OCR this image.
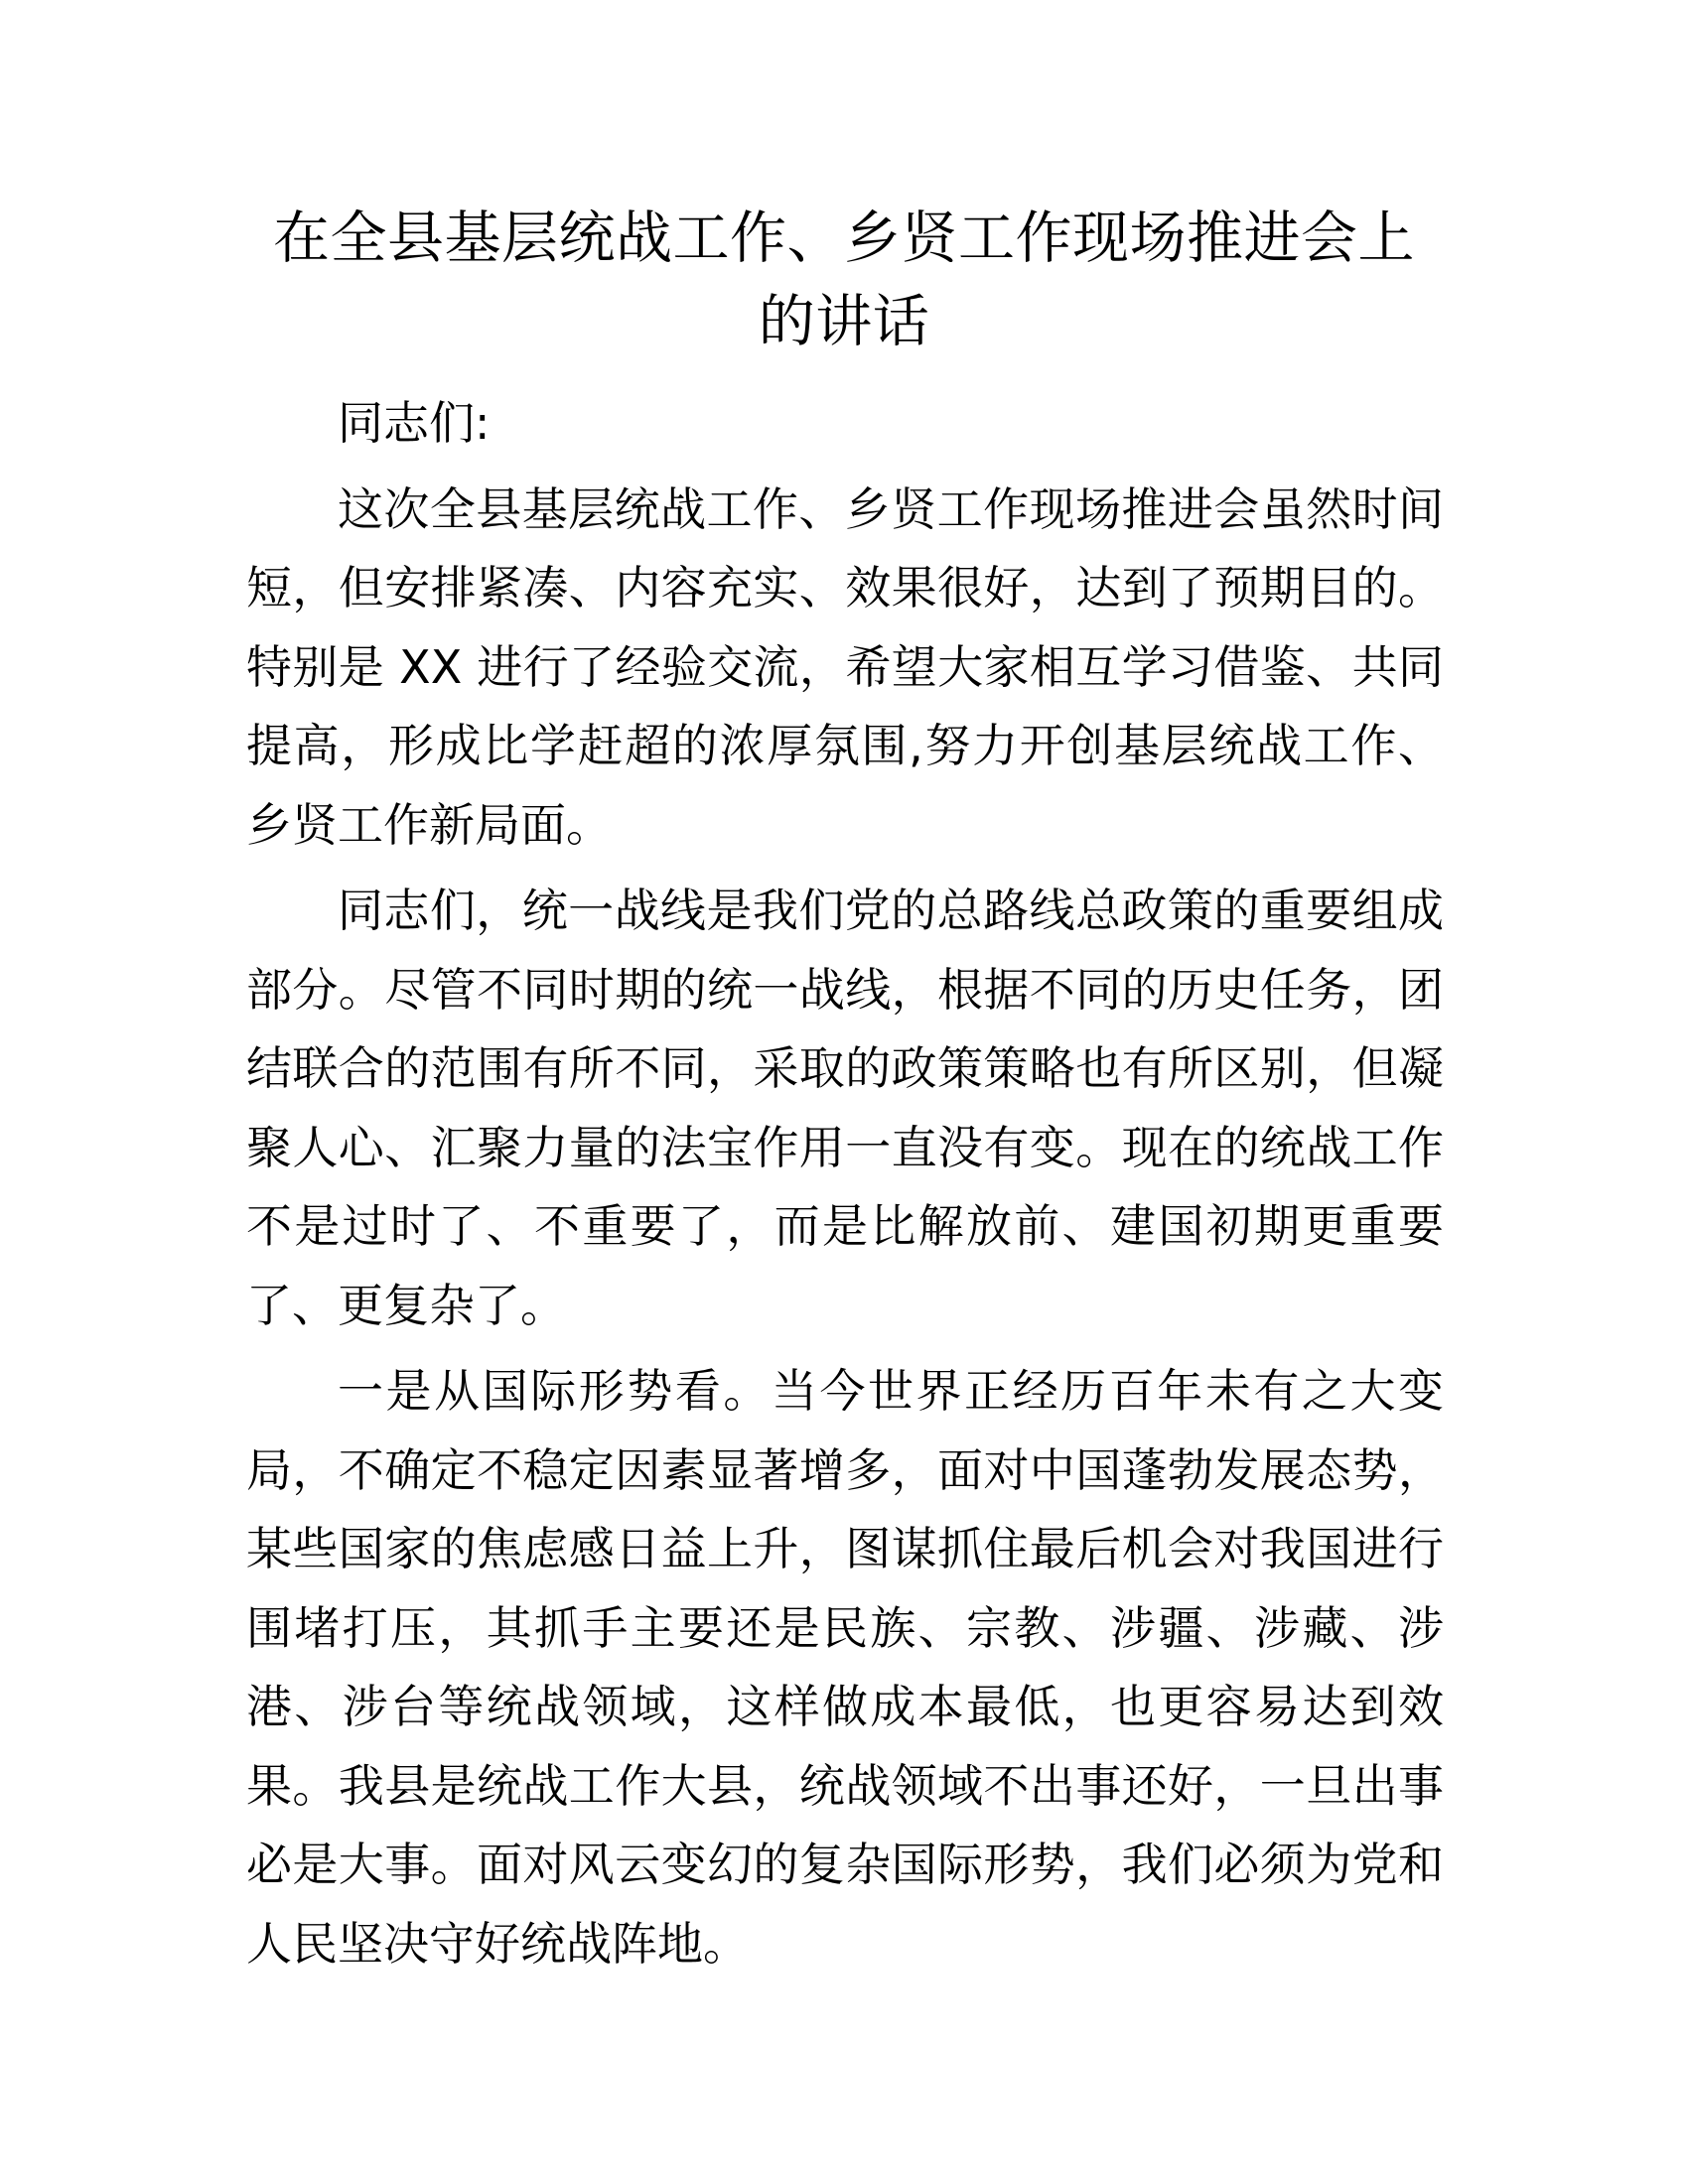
在全县基层统战工作、乡贤工作现场推进会上的讲话

同志们:

这次全县基层统战工作、乡贤工作现场推进会虽然时间短，但安排紧凑、内容充实、效果很好，达到了预期目的。特别是 XX 进行了经验交流，希望大家相互学习借鉴、共同提高，形成比学赶超的浓厚氛围,努力开创基层统战工作、乡贤工作新局面。

同志们，统一战线是我们党的总路线总政策的重要组成部分。尽管不同时期的统一战线，根据不同的历史任务，团结联合的范围有所不同，采取的政策策略也有所区别，但凝聚人心、汇聚力量的法宝作用一直没有变。现在的统战工作不是过时了、不重要了，而是比解放前、建国初期更重要了、更复杂了。

一是从国际形势看。当今世界正经历百年未有之大变局，不确定不稳定因素显著增多，面对中国蓬勃发展态势，某些国家的焦虑感日益上升，图谋抓住最后机会对我国进行围堵打压，其抓手主要还是民族、宗教、涉疆、涉藏、涉港、涉台等统战领域，这样做成本最低，也更容易达到效果。我县是统战工作大县，统战领域不出事还好，一旦出事必是大事。面对风云变幻的复杂国际形势，我们必须为党和人民坚决守好统战阵地。
